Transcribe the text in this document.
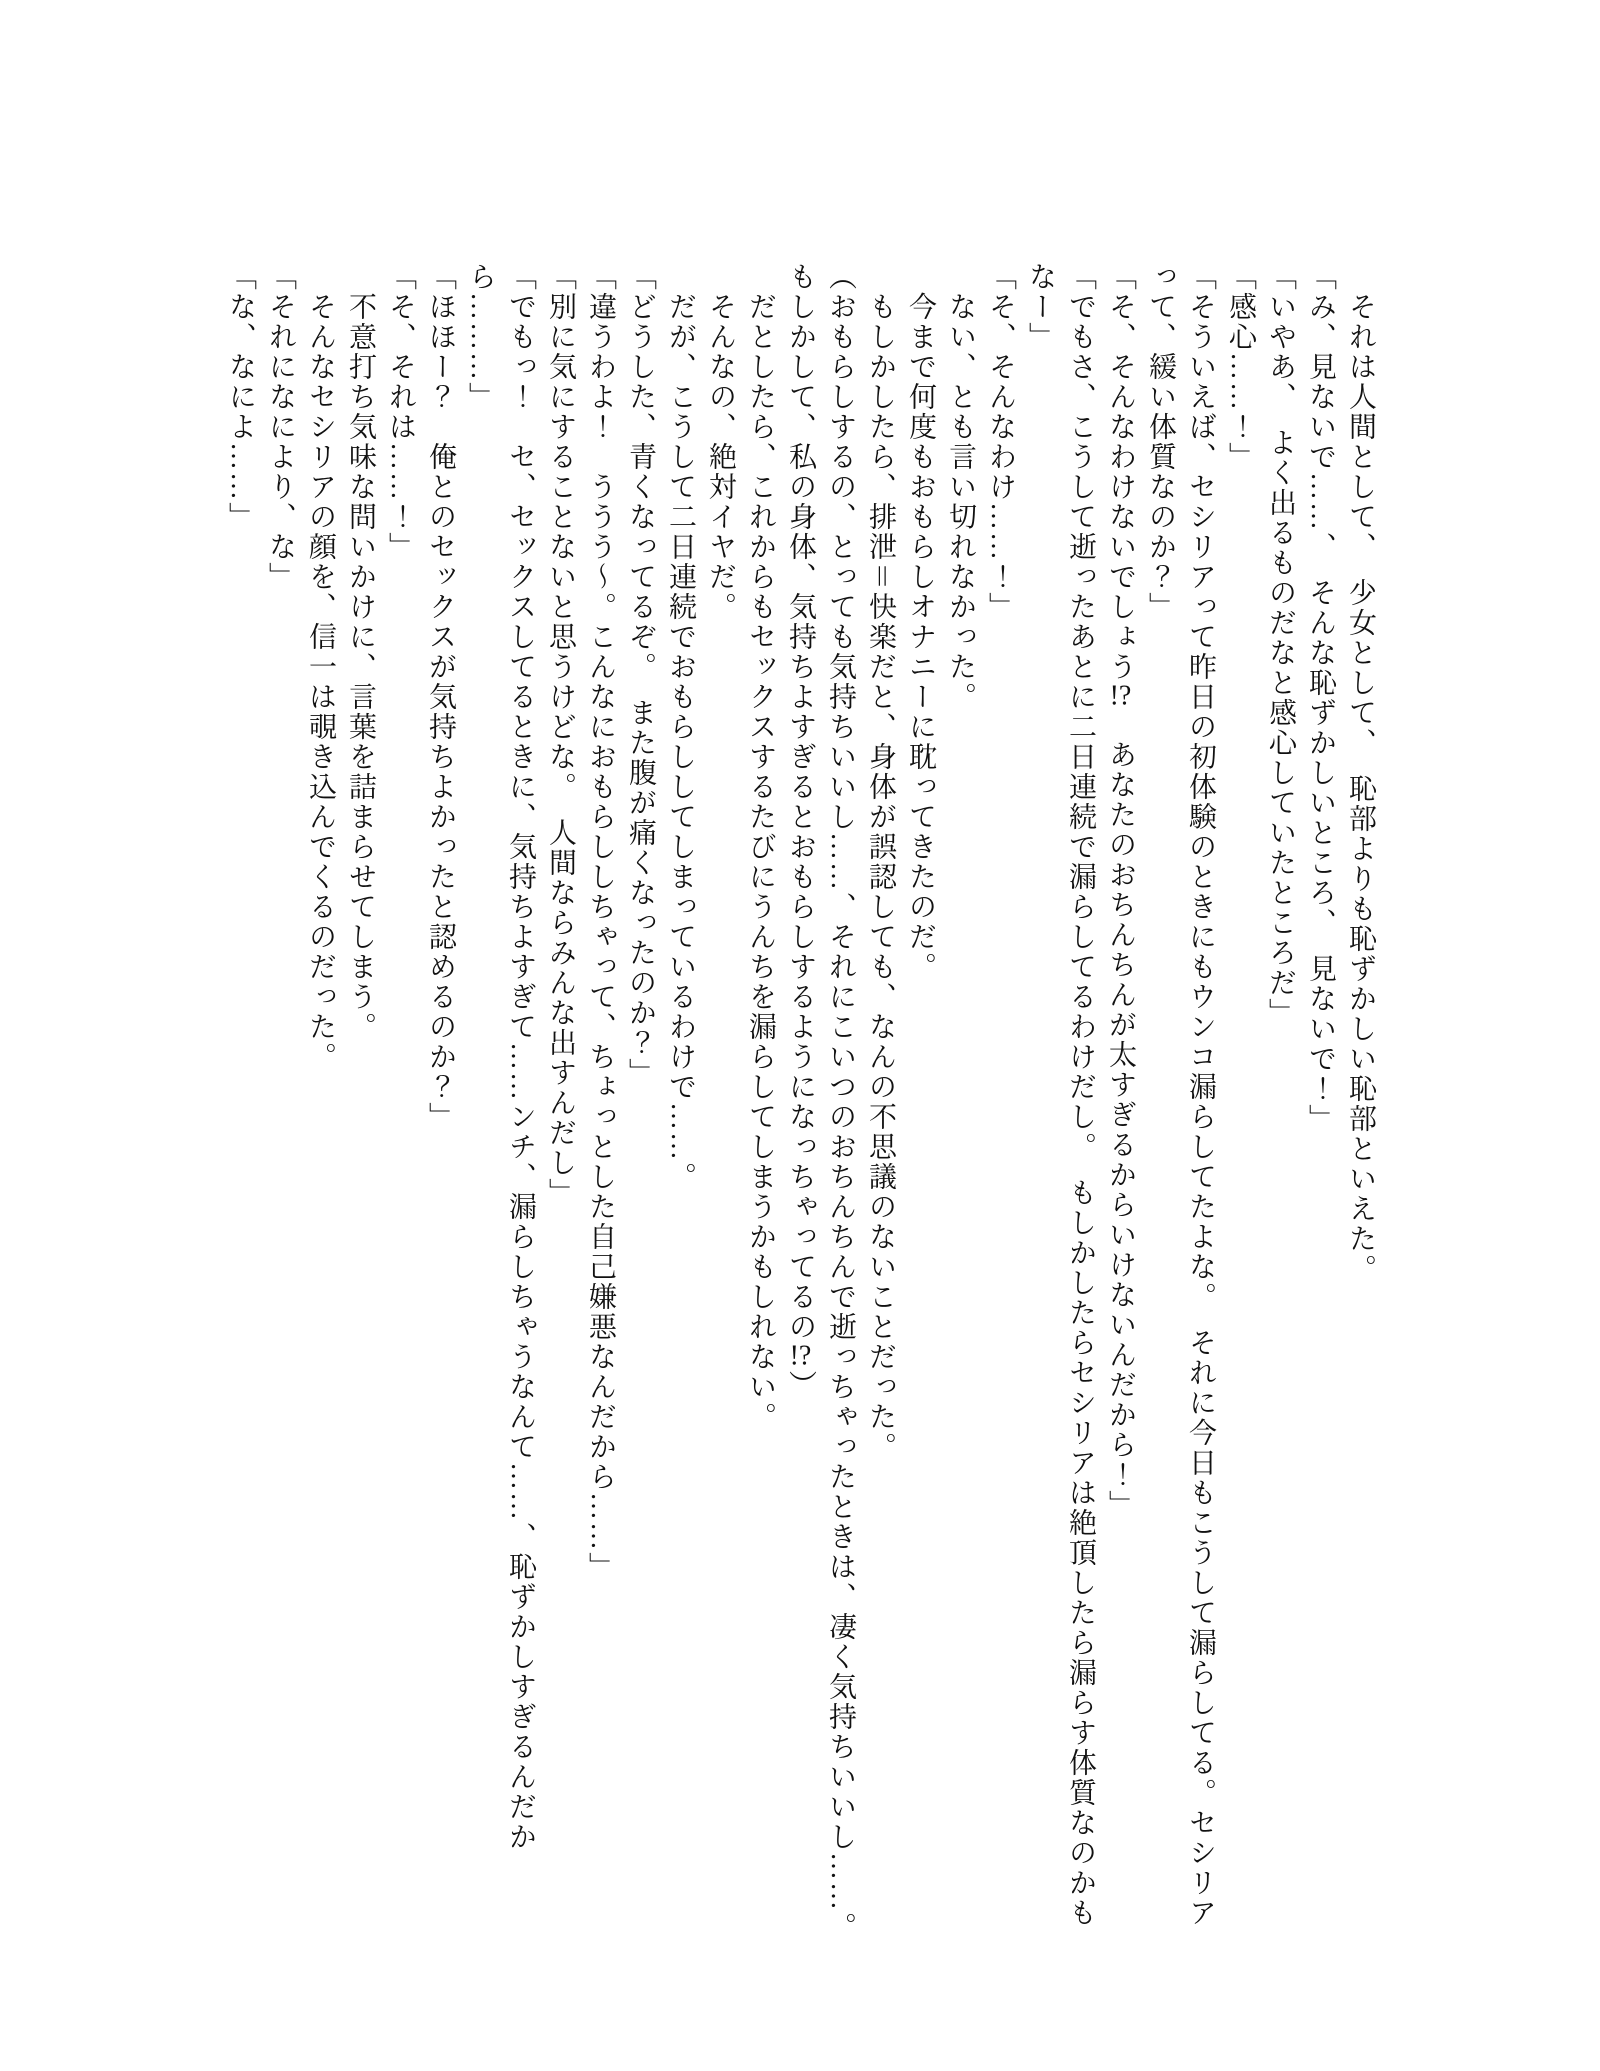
それは人間として、　少女として、　恥部よりも恥ずかしい恥部といえた。

「み、見ないで……、　そんな恥ずかしいところ、　見ないで！」

「いやあ、　よく出るものだなと感心していたところだ」

「感心……！」

「そういえば、セシリアって昨日の初体験のときにもウンコ漏らしてたよな。　それに今日もこうして漏らしてる。セシリアって、緩い体質なのか？」

「そ、そんなわけないでしょう!?　あなたのおちんちんが太すぎるからいけないんだから！」

「でもさ、こうして逝ったあとに二日連続で漏らしてるわけだし。　もしかしたらセシリアは絶頂したら漏らす体質なのかもなー」

「そ、そんなわけ……！」

ない、とも言い切れなかった。

今まで何度もおもらしオナニーに耽ってきたのだ。

もしかしたら、排泄＝快楽だと、身体が誤認しても、なんの不思議のないことだった。

（おもらしするの、とっても気持ちいいし……、それにこいつのおちんちんで逝っちゃったときは、凄く気持ちいいし……。もしかして、私の身体、気持ちよすぎるとおもらしするようになっちゃってるの!?）

だとしたら、これからもセックスするたびにうんちを漏らしてしまうかもしれない。

そんなの、絶対イヤだ。

だが、こうして二日連続でおもらししてしまっているわけで……。

「どうした、青くなってるぞ。　また腹が痛くなったのか？」

「違うわよ！　ううう〜。こんなにおもらししちゃって、ちょっとした自己嫌悪なんだから……」

「別に気にすることないと思うけどな。　人間ならみんな出すんだし」

「でもっ！　セ、セックスしてるときに、気持ちよすぎて……ンチ、漏らしちゃうなんて……、恥ずかしすぎるんだから………」

「ほほー？　俺とのセックスが気持ちよかったと認めるのか？」

「そ、それは……！」

不意打ち気味な問いかけに、言葉を詰まらせてしまう。

そんなセシリアの顔を、信一は覗き込んでくるのだった。

「それになにより、な」

「な、なによ……」
